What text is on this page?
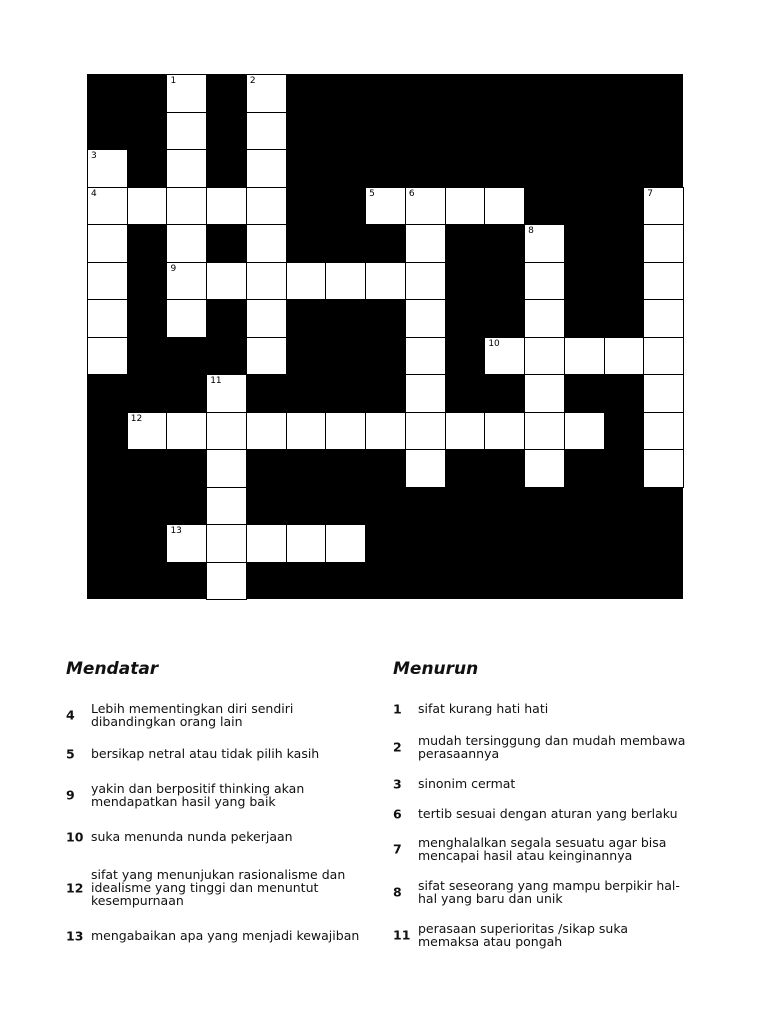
1	2
3
4	5	6	7
8
9
10
11
12
13
Mendatar
4 Lebih mementingkan diri sendiri dibandingkan orang lain
5 bersikap netral atau tidak pilih kasih
9 yakin dan berpositif thinking akan mendapatkan hasil yang baik
10 suka menunda nunda pekerjaan
12
sifat yang menunjukan rasionalisme dan idealisme yang tinggi dan menuntut kesempurnaan
13 mengabaikan apa yang menjadi kewajiban
Menurun
1 sifat kurang hati hati
2 mudah tersinggung dan mudah membawa perasaannya
3 sinonim cermat
6 tertib sesuai dengan aturan yang berlaku
7 menghalalkan segala sesuatu agar bisa mencapai hasil atau keinginannya
8 sifat seseorang yang mampu berpikir hal-hal yang baru dan unik
11 perasaan superioritas /sikap suka memaksa atau pongah
